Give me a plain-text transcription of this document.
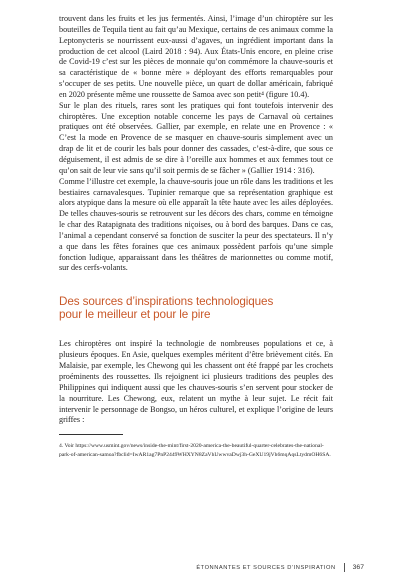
trouvent dans les fruits et les jus fermentés. Ainsi, l’image d’un chiroptère sur les bouteilles de Tequila tient au fait qu’au Mexique, certains de ces animaux comme la Leptonycteris se nourrissent eux-aussi d’agaves, un ingrédient important dans la production de cet alcool (Laird 2018 : 94). Aux États-Unis encore, en pleine crise de Covid-19 c’est sur les pièces de monnaie qu’on commémore la chauve-souris et sa caractéristique de « bonne mère » déployant des efforts remarquables pour s’occuper de ses petits. Une nouvelle pièce, un quart de dollar américain, fabriqué en 2020 présente même une roussette de Samoa avec son petit⁴ (figure 10.4).

Sur le plan des rituels, rares sont les pratiques qui font toutefois intervenir des chiroptères. Une exception notable concerne les pays de Carnaval où certaines pratiques ont été observées. Gallier, par exemple, en relate une en Provence : « C’est la mode en Provence de se masquer en chauve-souris simplement avec un drap de lit et de courir les bals pour donner des cassades, c’est-à-dire, que sous ce déguisement, il est admis de se dire à l’oreille aux hommes et aux femmes tout ce qu’on sait de leur vie sans qu’il soit permis de se fâcher » (Gallier 1914 : 316).

Comme l’illustre cet exemple, la chauve-souris joue un rôle dans les traditions et les bestiaires carnavalesques. Tupinier remarque que sa représentation graphique est alors atypique dans la mesure où elle apparaît la tête haute avec les ailes déployées. De telles chauves-souris se retrouvent sur les décors des chars, comme en témoigne le char des Ratapignata des traditions niçoises, ou à bord des barques. Dans ce cas, l’animal a cependant conservé sa fonction de susciter la peur des spectateurs. Il n’y a que dans les fêtes foraines que ces animaux possèdent parfois qu’une simple fonction ludique, apparaissant dans les théâtres de marionnettes ou comme motif, sur des cerfs-volants.

Des sources d’inspirations technologiques
pour le meilleur et pour le pire

Les chiroptères ont inspiré la technologie de nombreuses populations et ce, à plusieurs époques. En Asie, quelques exemples méritent d’être brièvement cités. En Malaisie, par exemple, les Chewong qui les chassent ont été frappé par les crochets proéminents des roussettes. Ils rejoignent ici plusieurs traditions des peuples des Philippines qui indiquent aussi que les chauves-souris s’en servent pour stocker de la nourriture. Les Chewong, eux, relatent un mythe à leur sujet. Le récit fait intervenir le personnage de Bongso, un héros culturel, et explique l’origine de leurs griffes :

4. Voir https://www.usmint.gov/news/inside-the-mint/first-2020-america-the-beautiful-quarter-celebrates-the-national-park-of-american-samoa?fbclid=IwAR1ag7PnP2449WHXYN8ZaVhUwwvaDwj3h-GeXU19jVh6mqAqsLtydmOH6SA.
ÉTONNANTES ET SOURCES D’INSPIRATION	367
